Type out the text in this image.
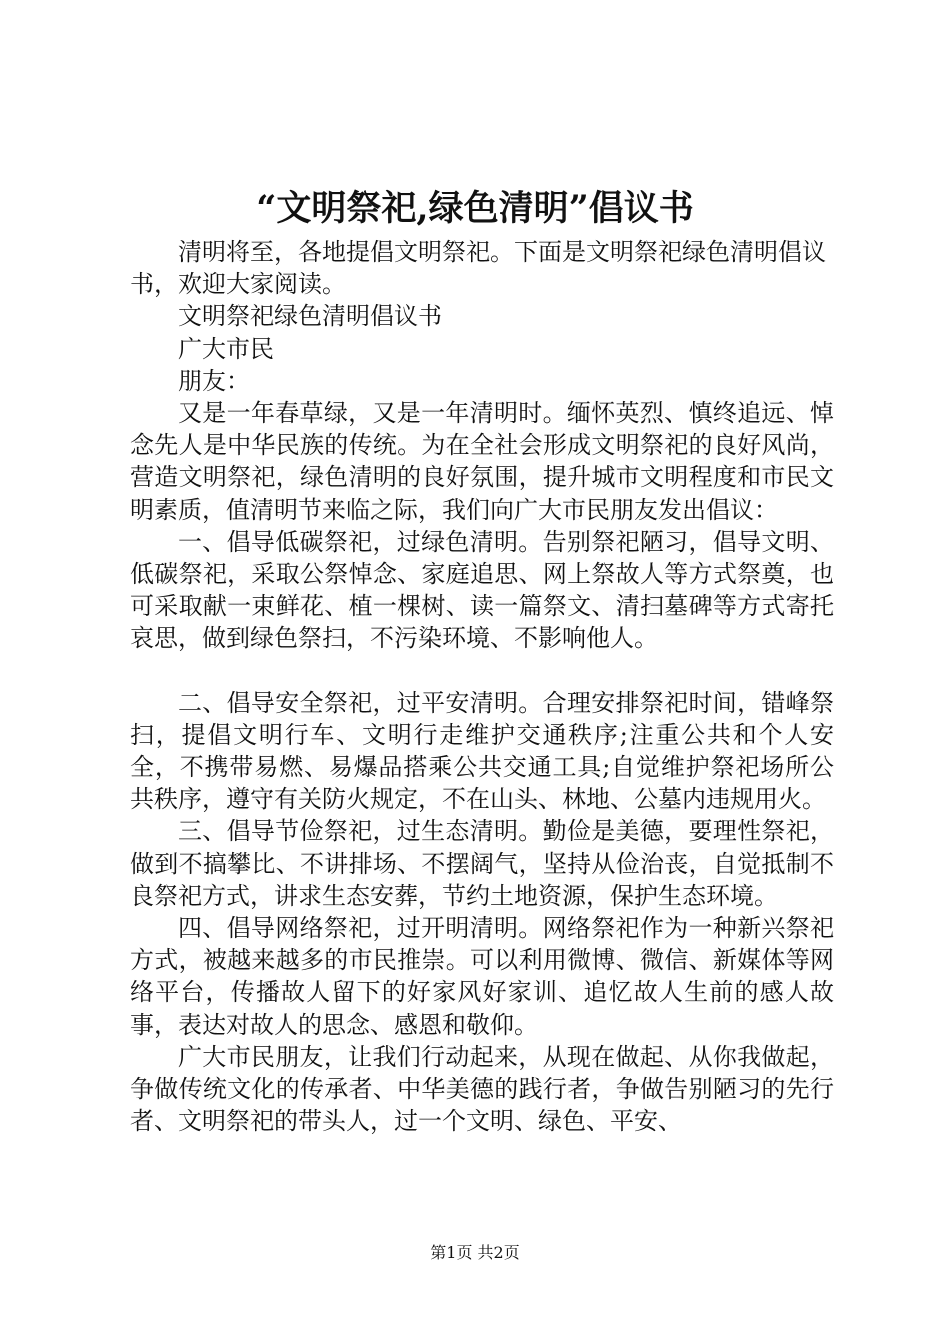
“文明祭祀,绿色清明”倡议书

清明将至，各地提倡文明祭祀。下面是文明祭祀绿色清明倡议书，欢迎大家阅读。

文明祭祀绿色清明倡议书

广大市民

朋友：

又是一年春草绿，又是一年清明时。缅怀英烈、慎终追远、悼念先人是中华民族的传统。为在全社会形成文明祭祀的良好风尚，营造文明祭祀，绿色清明的良好氛围，提升城市文明程度和市民文明素质，值清明节来临之际，我们向广大市民朋友发出倡议：

一、倡导低碳祭祀，过绿色清明。告别祭祀陋习，倡导文明、低碳祭祀，采取公祭悼念、家庭追思、网上祭故人等方式祭奠，也可采取献一束鲜花、植一棵树、读一篇祭文、清扫墓碑等方式寄托哀思，做到绿色祭扫，不污染环境、不影响他人。

二、倡导安全祭祀，过平安清明。合理安排祭祀时间，错峰祭扫，提倡文明行车、文明行走维护交通秩序;注重公共和个人安全，不携带易燃、易爆品搭乘公共交通工具;自觉维护祭祀场所公共秩序，遵守有关防火规定，不在山头、林地、公墓内违规用火。

三、倡导节俭祭祀，过生态清明。勤俭是美德，要理性祭祀，做到不搞攀比、不讲排场、不摆阔气，坚持从俭治丧，自觉抵制不良祭祀方式，讲求生态安葬，节约土地资源，保护生态环境。

四、倡导网络祭祀，过开明清明。网络祭祀作为一种新兴祭祀方式，被越来越多的市民推崇。可以利用微博、微信、新媒体等网络平台，传播故人留下的好家风好家训、追忆故人生前的感人故事，表达对故人的思念、感恩和敬仰。

广大市民朋友，让我们行动起来，从现在做起、从你我做起，争做传统文化的传承者、中华美德的践行者，争做告别陋习的先行者、文明祭祀的带头人，过一个文明、绿色、平安、

第1页 共2页
